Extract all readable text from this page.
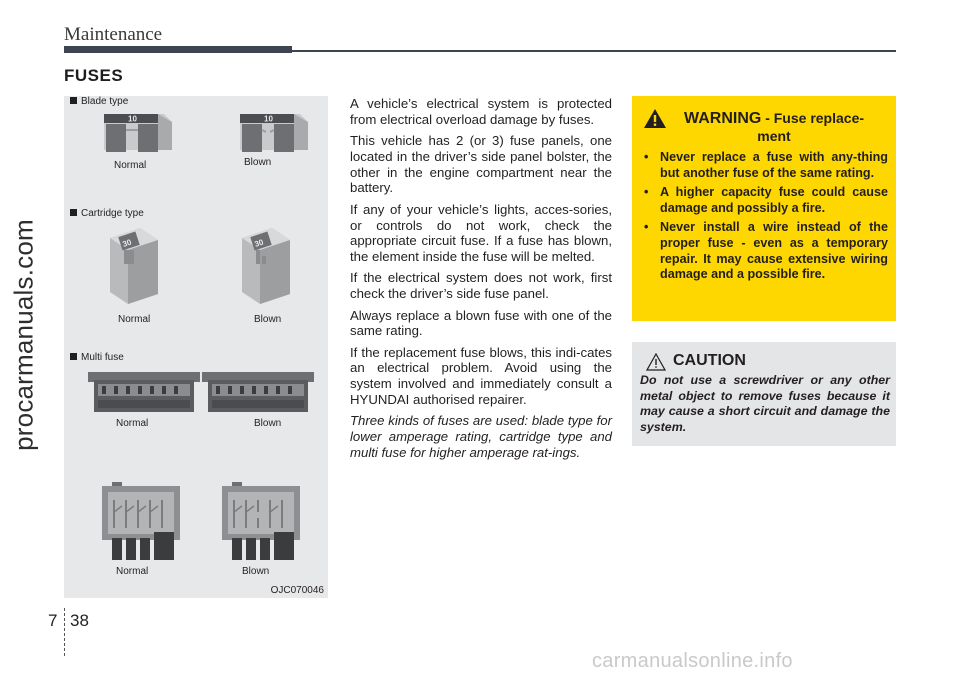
Maintenance
procarmanuals.com
FUSES
Blade type
10	10
Normal	Blown
Cartridge type
30	30
Normal	Blown
Multi fuse
Normal	Blown
Normal	Blown
OJC070046

A vehicle’s electrical system is protected from electrical overload damage by fuses.

This vehicle has 2 (or 3) fuse panels, one located in the driver’s side panel bolster, the other in the engine compartment near the battery.

If any of your vehicle’s lights, acces-sories, or controls do not work, check the appropriate circuit fuse. If a fuse has blown, the element inside the fuse will be melted.

If the electrical system does not work, first check the driver’s side fuse panel.

Always replace a blown fuse with one of the same rating.

If the replacement fuse blows, this indi-cates an electrical problem. Avoid using the system involved and immediately consult a HYUNDAI authorised repairer.

Three kinds of fuses are used: blade type for lower amperage rating, cartridge type and multi fuse for higher amperage rat-ings.

WARNING - Fuse replace-
ment
• Never replace a fuse with any-thing but another fuse of the same rating.
• A higher capacity fuse could cause damage and possibly a fire.
• Never install a wire instead of the proper fuse - even as a temporary repair. It may cause extensive wiring damage and a possible fire.
CAUTION
Do not use a screwdriver or any other metal object to remove fuses because it may cause a short circuit and damage the system.
7 38
carmanualsonline.info
